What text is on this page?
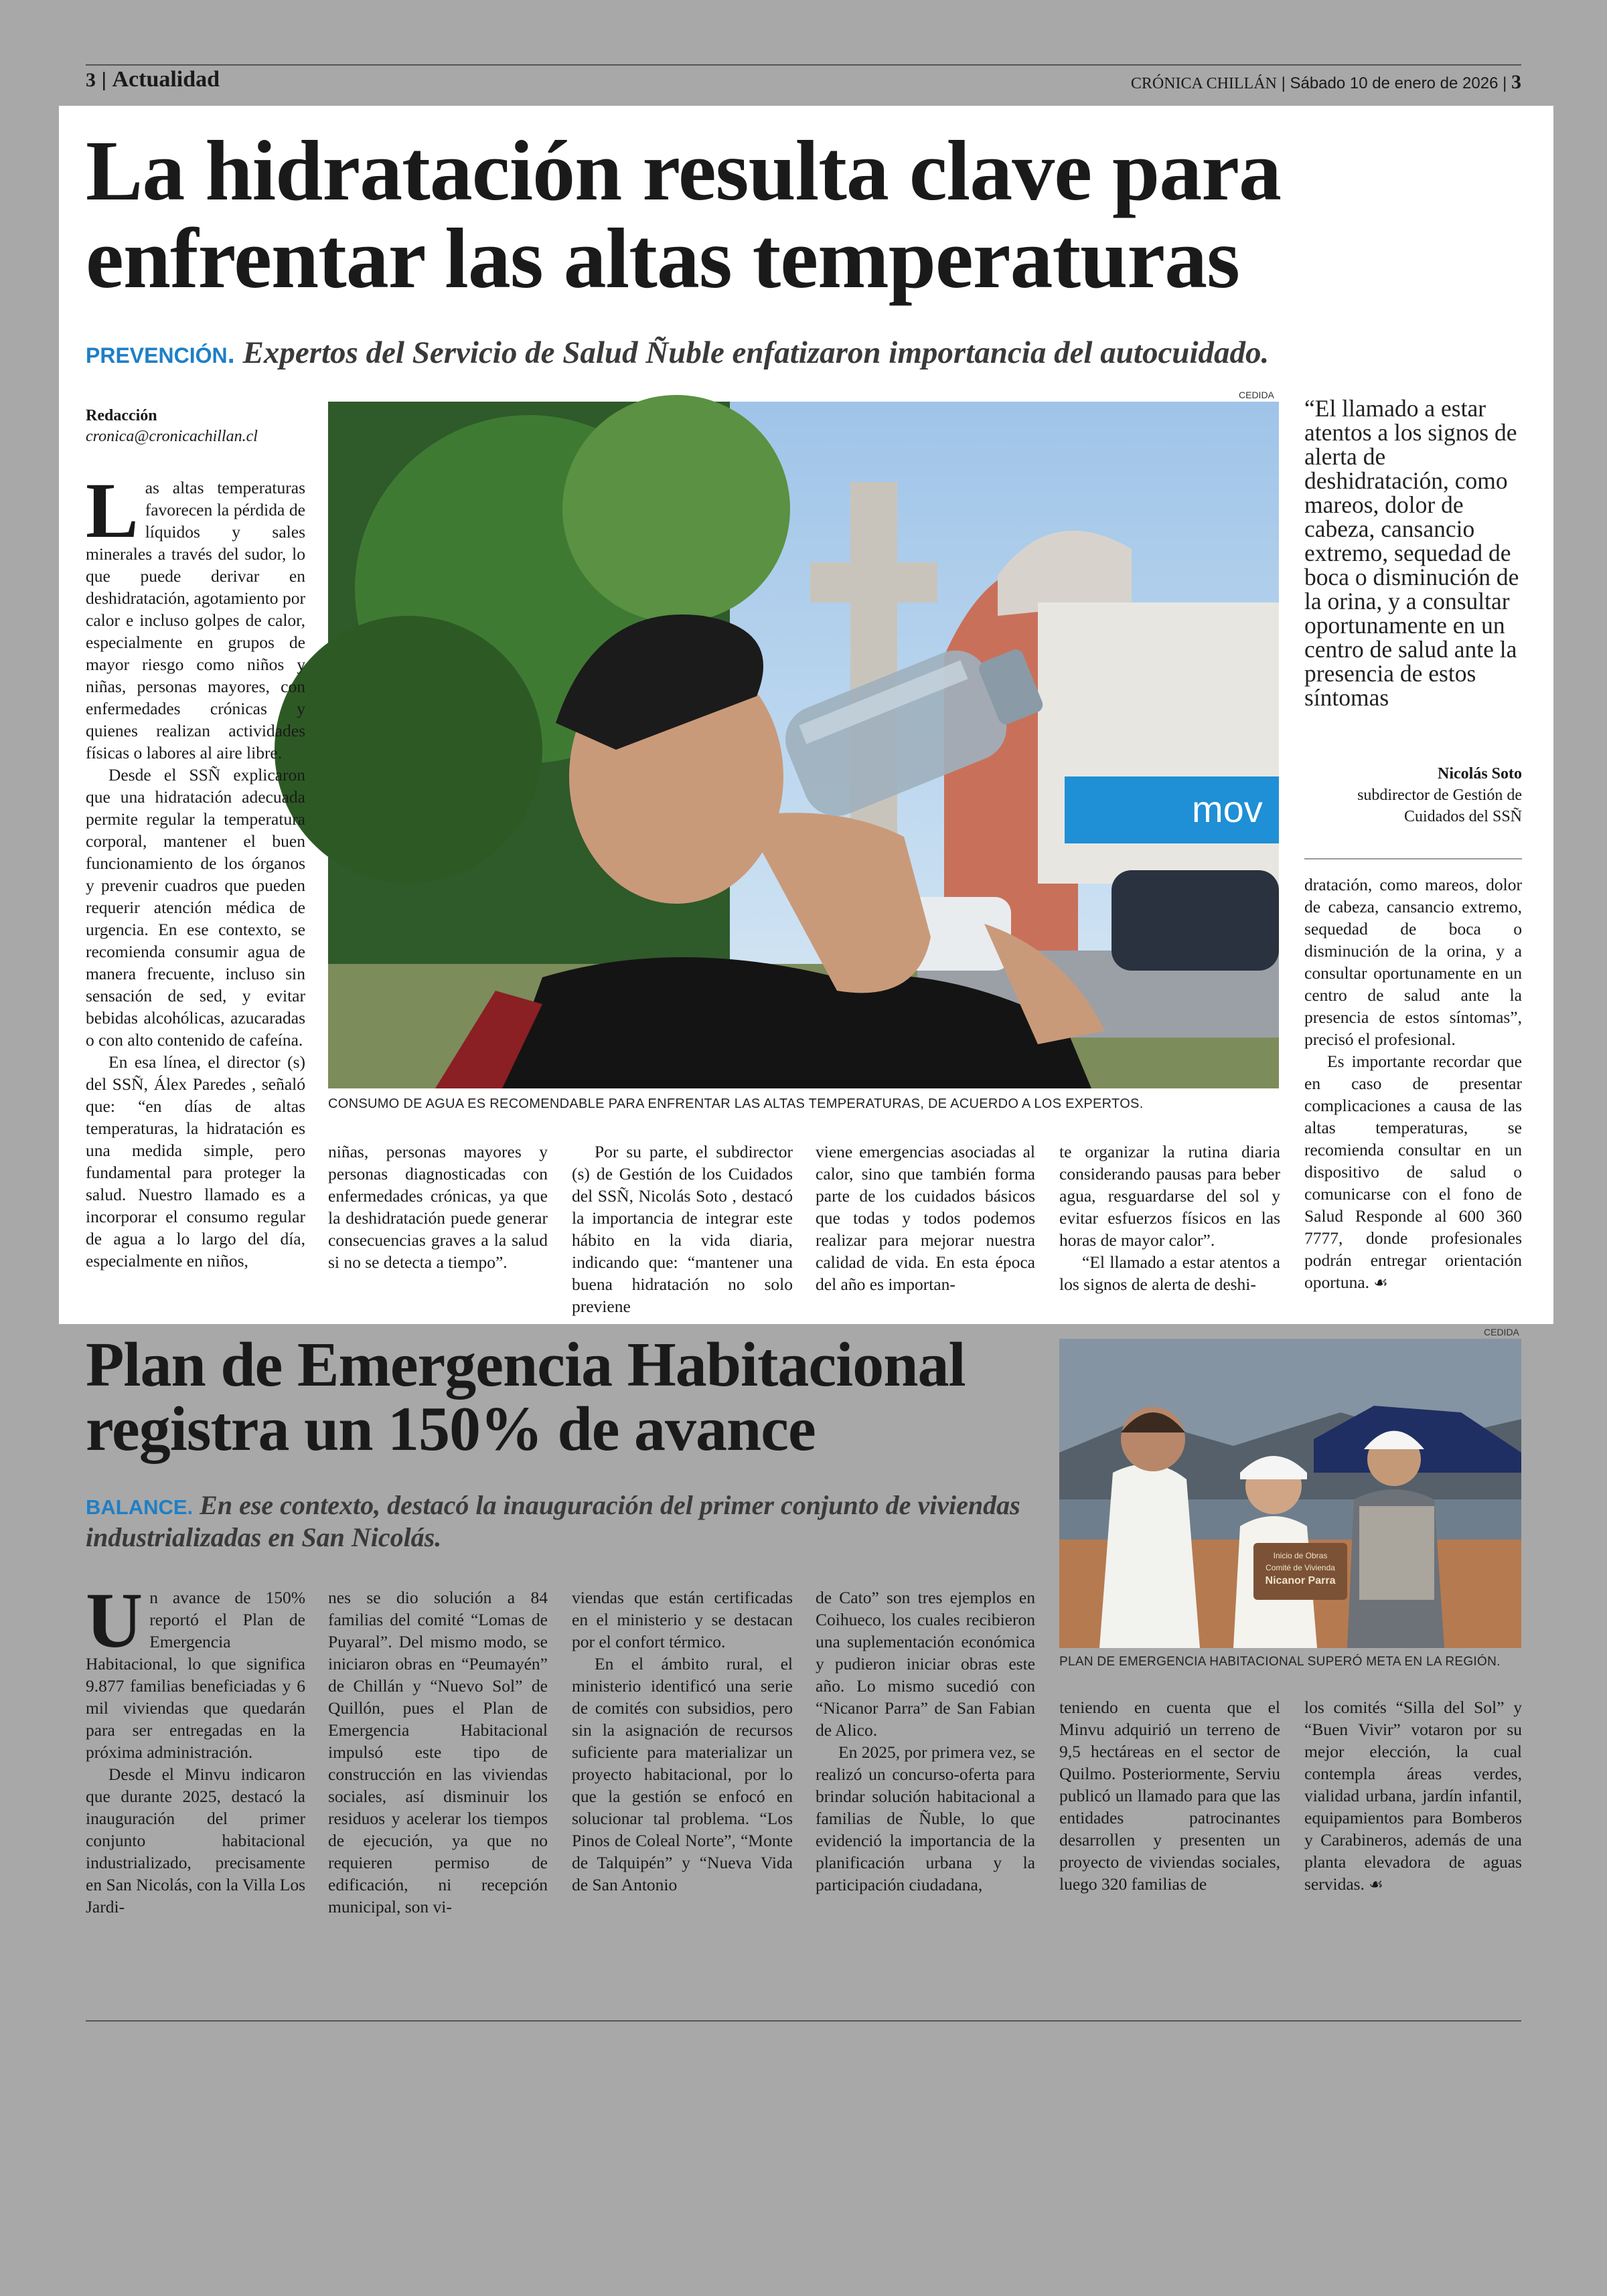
3 | Actualidad	CRÓNICA CHILLÁN | Sábado 10 de enero de 2026 | 3
La hidratación resulta clave para
enfrentar las altas temperaturas
PREVENCIÓN. Expertos del Servicio de Salud Ñuble enfatizaron importancia del autocuidado.
Redacción
cronica@cronicachillan.cl
CEDIDA
mov
CONSUMO DE AGUA ES RECOMENDABLE PARA ENFRENTAR LAS ALTAS TEMPERATURAS, DE ACUERDO A LOS EXPERTOS.
L as altas temperaturas favorecen la pérdida de líquidos y sales minerales a través del sudor, lo que puede derivar en deshidratación, agotamiento por calor e incluso golpes de calor, especialmente en grupos de mayor riesgo como niños y niñas, personas mayores, con enfermedades crónicas y quienes realizan actividades físicas o labores al aire libre.

Desde el SSÑ explicaron que una hidratación adecuada permite regular la temperatura corporal, mantener el buen funcionamiento de los órganos y prevenir cuadros que pueden requerir atención médica de urgencia. En ese contexto, se recomienda consumir agua de manera frecuente, incluso sin sensación de sed, y evitar bebidas alcohólicas, azucaradas o con alto contenido de cafeína.

En esa línea, el director (s) del SSÑ, Álex Paredes , señaló que: “en días de altas temperaturas, la hidratación es una medida simple, pero fundamental para proteger la salud. Nuestro llamado es a incorporar el consumo regular de agua a lo largo del día, especialmente en niños,

niñas, personas mayores y personas diagnosticadas con enfermedades crónicas, ya que la deshidratación puede generar consecuencias graves a la salud si no se detecta a tiempo”.

Por su parte, el subdirector (s) de Gestión de los Cuidados del SSÑ, Nicolás Soto , destacó la importancia de integrar este hábito en la vida diaria, indicando que: “mantener una buena hidratación no solo previene

viene emergencias asociadas al calor, sino que también forma parte de los cuidados básicos que todas y todos podemos realizar para mejorar nuestra calidad de vida. En esta época del año es importan-

te organizar la rutina diaria considerando pausas para beber agua, resguardarse del sol y evitar esfuerzos físicos en las horas de mayor calor”.

“El llamado a estar atentos a los signos de alerta de deshi-

“El llamado a estar atentos a los signos de alerta de deshidratación, como mareos, dolor de cabeza, cansancio extremo, sequedad de boca o disminución de la orina, y a consultar oportunamente en un centro de salud ante la presencia de estos síntomas
Nicolás Soto
subdirector de Gestión de Cuidados del SSÑ

dratación, como mareos, dolor de cabeza, cansancio extremo, sequedad de boca o disminución de la orina, y a consultar oportunamente en un centro de salud ante la presencia de estos síntomas”, precisó el profesional.

Es importante recordar que en caso de presentar complicaciones a causa de las altas temperaturas, se recomienda consultar en un dispositivo de salud o comunicarse con el fono de Salud Responde al 600 360 7777, donde profesionales podrán entregar orientación oportuna. ☙

Plan de Emergencia Habitacional
registra un 150% de avance
BALANCE. En ese contexto, destacó la inauguración del primer conjunto de viviendas industrializadas en San Nicolás.
CEDIDA
Inicio de Obras
Comité de Vivienda
Nicanor Parra
PLAN DE EMERGENCIA HABITACIONAL SUPERÓ META EN LA REGIÓN.
U n avance de 150% reportó el Plan de Emergencia Habitacional, lo que significa 9.877 familias beneficiadas y 6 mil viviendas que quedarán para ser entregadas en la próxima administración.

Desde el Minvu indicaron que durante 2025, destacó la inauguración del primer conjunto habitacional industrializado, precisamente en San Nicolás, con la Villa Los Jardi-

nes se dio solución a 84 familias del comité “Lomas de Puyaral”. Del mismo modo, se iniciaron obras en “Peumayén” de Chillán y “Nuevo Sol” de Quillón, pues el Plan de Emergencia Habitacional impulsó este tipo de construcción en las viviendas sociales, así disminuir los residuos y acelerar los tiempos de ejecución, ya que no requieren permiso de edificación, ni recepción municipal, son vi-

viendas que están certificadas en el ministerio y se destacan por el confort térmico.

En el ámbito rural, el ministerio identificó una serie de comités con subsidios, pero sin la asignación de recursos suficiente para materializar un proyecto habitacional, por lo que la gestión se enfocó en solucionar tal problema. “Los Pinos de Coleal Norte”, “Monte de Talquipén” y “Nueva Vida de San Antonio

de Cato” son tres ejemplos en Coihueco, los cuales recibieron una suplementación económica y pudieron iniciar obras este año. Lo mismo sucedió con “Nicanor Parra” de San Fabian de Alico.

En 2025, por primera vez, se realizó un concurso-oferta para brindar solución habitacional a familias de Ñuble, lo que evidenció la importancia de la planificación urbana y la participación ciudadana,

teniendo en cuenta que el Minvu adquirió un terreno de 9,5 hectáreas en el sector de Quilmo. Posteriormente, Serviu publicó un llamado para que las entidades patrocinantes desarrollen y presenten un proyecto de viviendas sociales, luego 320 familias de

los comités “Silla del Sol” y “Buen Vivir” votaron por su mejor elección, la cual contempla áreas verdes, vialidad urbana, jardín infantil, equipamientos para Bomberos y Carabineros, además de una planta elevadora de aguas servidas. ☙
